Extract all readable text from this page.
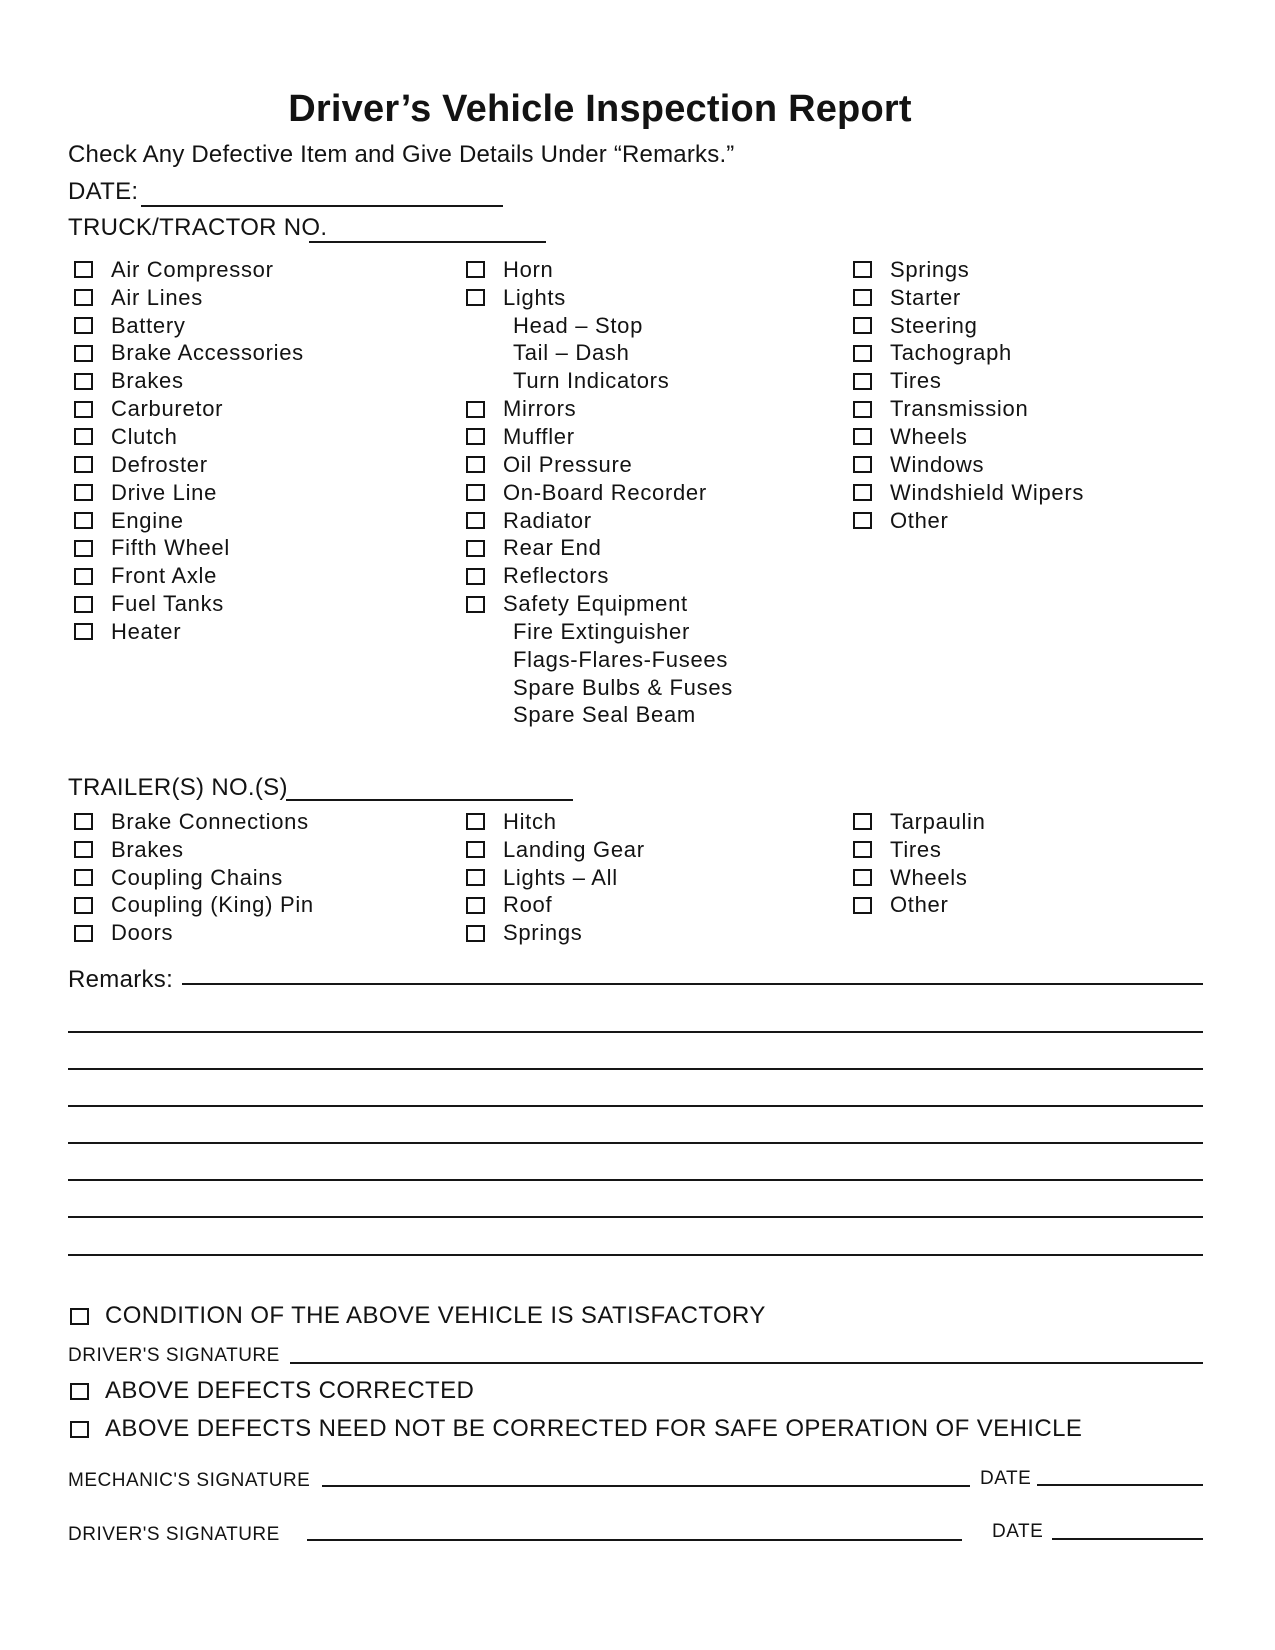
Driver’s Vehicle Inspection Report
Check Any Defective Item and Give Details Under “Remarks.”
DATE:
TRUCK/TRACTOR NO.
Air Compressor
Air Lines
Battery
Brake Accessories
Brakes
Carburetor
Clutch
Defroster
Drive Line
Engine
Fifth Wheel
Front Axle
Fuel Tanks
Heater
Horn
Lights
Head – Stop
Tail – Dash
Turn Indicators
Mirrors
Muffler
Oil Pressure
On-Board Recorder
Radiator
Rear End
Reflectors
Safety Equipment
Fire Extinguisher
Flags-Flares-Fusees
Spare Bulbs & Fuses
Spare Seal Beam
Springs
Starter
Steering
Tachograph
Tires
Transmission
Wheels
Windows
Windshield Wipers
Other
TRAILER(S) NO.(S)
Brake Connections
Brakes
Coupling Chains
Coupling (King) Pin
Doors
Hitch
Landing Gear
Lights – All
Roof
Springs
Tarpaulin
Tires
Wheels
Other
Remarks:
CONDITION OF THE ABOVE VEHICLE IS SATISFACTORY
DRIVER'S SIGNATURE
ABOVE DEFECTS CORRECTED
ABOVE DEFECTS NEED NOT BE CORRECTED FOR SAFE OPERATION OF VEHICLE
MECHANIC'S SIGNATURE	DATE
DRIVER'S SIGNATURE	DATE
